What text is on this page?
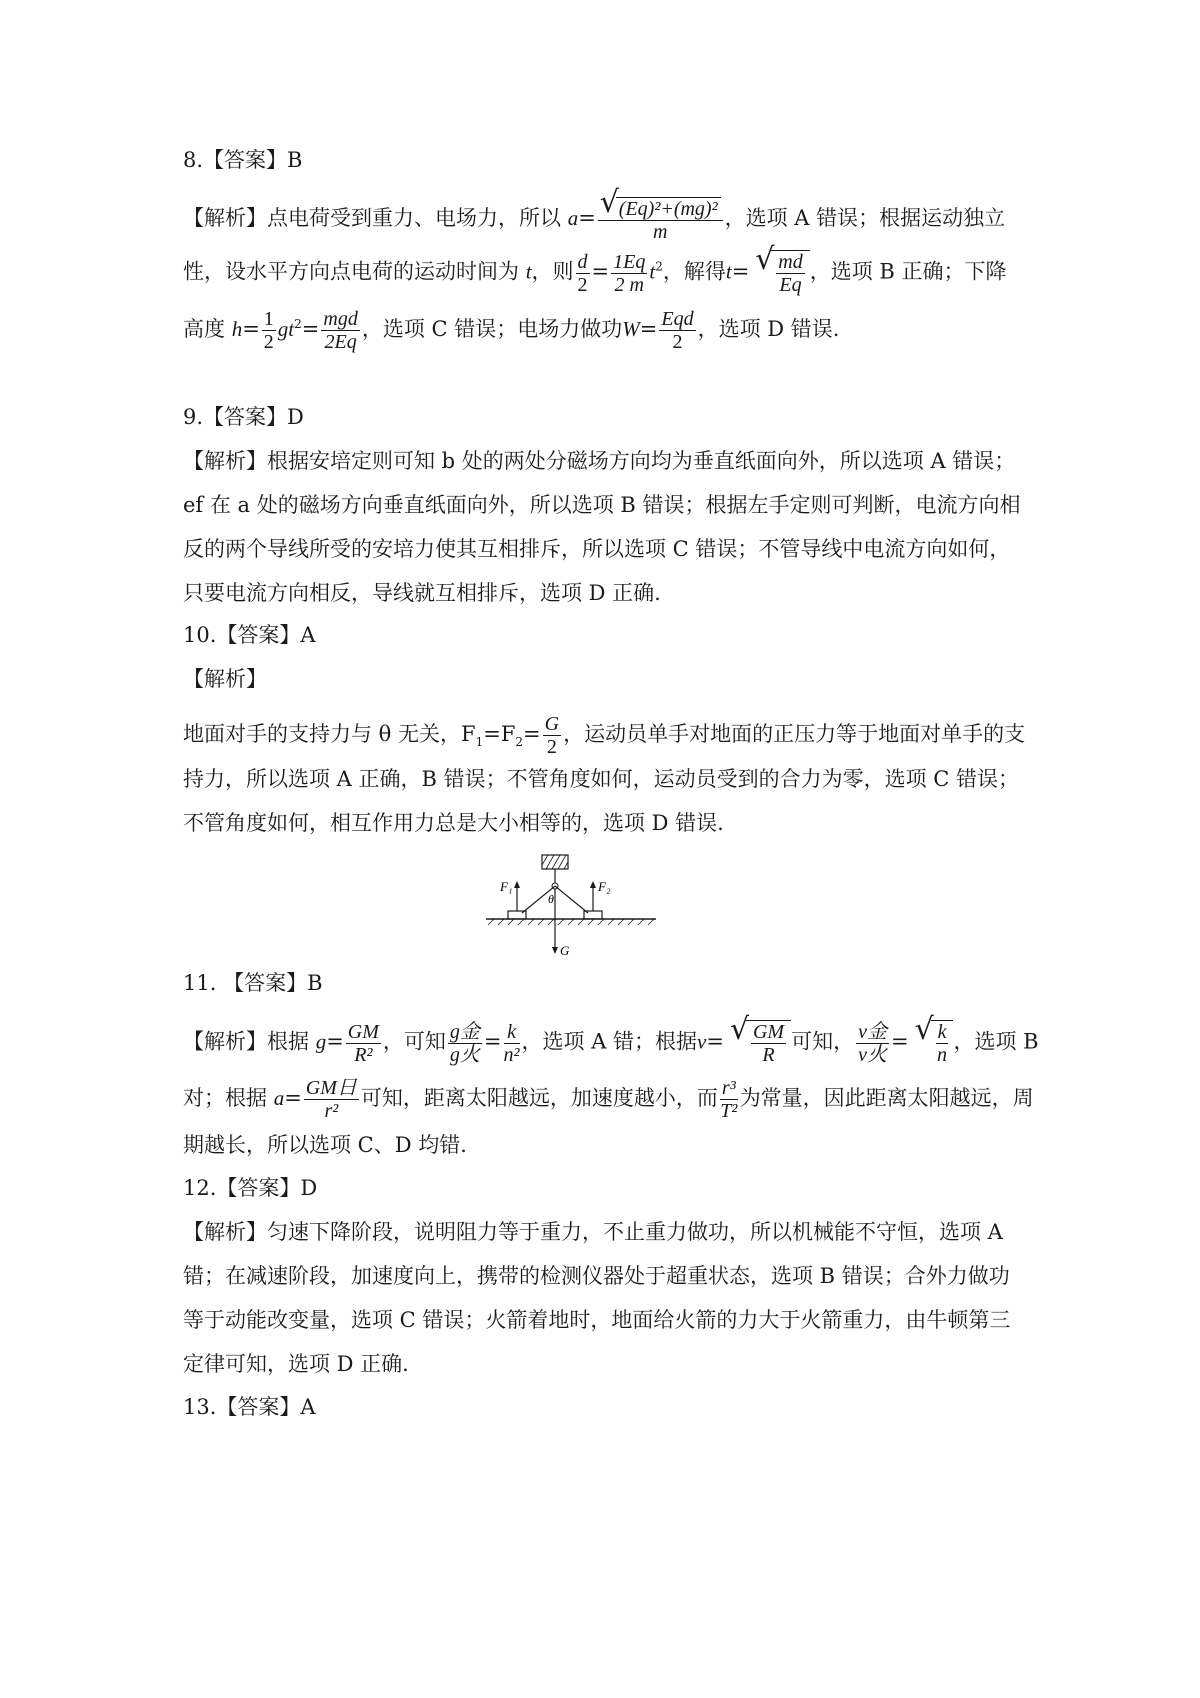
8.【答案】B
【解析】点电荷受到重力、电场力，所以 a= √ $\frac{\text{(Eq)²+(mg)²}}{m}$ ，选项 A 错误；根据运动独立
性，设水平方向点电荷的运动时间为 t，则 $\frac{d}{2} = \frac{1Eq}{2 m} t^2$，解得t= √ $\frac{md}{Eq}$ ，选项 B 正确；下降
高度 $h= \frac{1}{2} gt^2= \frac{\text{mgd}}{2Eq}$ ，选项 C 错误；电场力做功$W= \frac{\text{Eqd}}{2}$ ，选项 D 错误.
9.【答案】D
【解析】根据安培定则可知 b 处的两处分磁场方向均为垂直纸面向外，所以选项 A 错误；
ef 在 a 处的磁场方向垂直纸面向外，所以选项 B 错误；根据左手定则可判断，电流方向相
反的两个导线所受的安培力使其互相排斥，所以选项 C 错误；不管导线中电流方向如何，
只要电流方向相反，导线就互相排斥，选项 D 正确.
10.【答案】A
【解析】
地面对手的支持力与 θ 无关，$F_1=F_2= \frac{G}{2}$ ，运动员单手对地面的正压力等于地面对单手的支
持力，所以选项 A 正确，B 错误；不管角度如何，运动员受到的合力为零，选项 C 错误；
不管角度如何，相互作用力总是大小相等的，选项 D 错误.
F₁	F₂
θ
G
11. 【答案】B
【解析】根据 $g= \frac{GM}{\text{R²}}$ ，可知 $\frac{\text{g金}}{\text{g火}} = \frac{k}{\text{n²}}$ ，选项 A 错；根据v= √ $\frac{GM}{R}$ 可知， $\frac{\text{v金}}{\text{v火}}$ = √ $\frac{k}{n}$ ，选项 B
对；根据 $a= \frac{\text{GM日}}{\text{r²}}$ 可知，距离太阳越远，加速度越小，而 $\frac{\text{r³}}{\text{T²}}$ 为常量，因此距离太阳越远，周
期越长，所以选项 C、D 均错.
12.【答案】D
【解析】匀速下降阶段，说明阻力等于重力，不止重力做功，所以机械能不守恒，选项 A
错；在减速阶段，加速度向上，携带的检测仪器处于超重状态，选项 B 错误；合外力做功
等于动能改变量，选项 C 错误；火箭着地时，地面给火箭的力大于火箭重力，由牛顿第三
定律可知，选项 D 正确.
13.【答案】A
